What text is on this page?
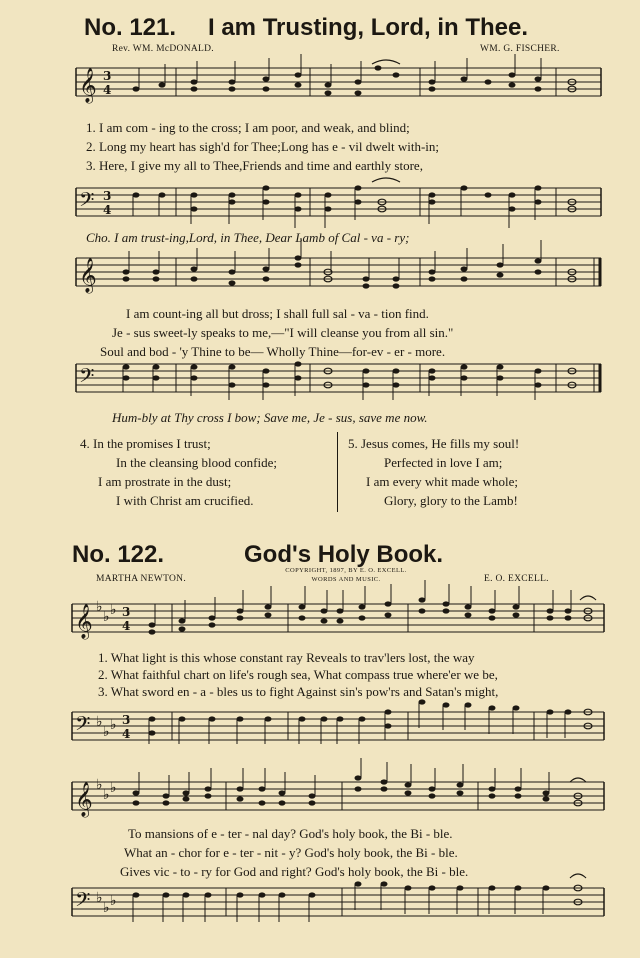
No. 121. I am Trusting, Lord, in Thee.
Rev. WM. McDONALD.	WM. G. FISCHER.
𝄞 3
4
1. I am com - ing to the cross; I am poor, and weak, and blind;
2. Long my heart has sigh'd for Thee;Long has e - vil dwelt with-in;
3. Here, I give my all to Thee,Friends and time and earthly store,
𝄢 3
4
Cho. I am trust-ing,Lord, in Thee, Dear Lamb of Cal - va - ry;
𝄞
I am count-ing all but dross; I shall full sal - va - tion find.
Je - sus sweet-ly speaks to me,—"I will cleanse you from all sin."
Soul and bod - 'y Thine to be— Wholly Thine—for-ev - er - more.
𝄢
Hum-bly at Thy cross I bow; Save me, Je - sus, save me now.
4. In the promises I trust;
In the cleansing blood confide;
I am prostrate in the dust;
I with Christ am crucified.
5. Jesus comes, He fills my soul!
Perfected in love I am;
I am every whit made whole;
Glory, glory to the Lamb!
No. 122.	God's Holy Book.
COPYRIGHT, 1897, BY E. O. EXCELL.
WORDS AND MUSIC.
MARTHA NEWTON.	E. O. EXCELL.
𝄞 ♭
♭ ♭ 3
4
1. What light is this whose constant ray Reveals to trav'lers lost, the way
2. What faithful chart on life's rough sea, What compass true where'er we be,
3. What sword en - a - bles us to fight Against sin's pow'rs and Satan's might,
𝄢 ♭
♭ ♭ 3
4
𝄞 ♭
♭ ♭
To mansions of e - ter - nal day? God's holy book, the Bi - ble.
What an - chor for e - ter - nit - y? God's holy book, the Bi - ble.
Gives vic - to - ry for God and right? God's holy book, the Bi - ble.
𝄢 ♭
♭ ♭
